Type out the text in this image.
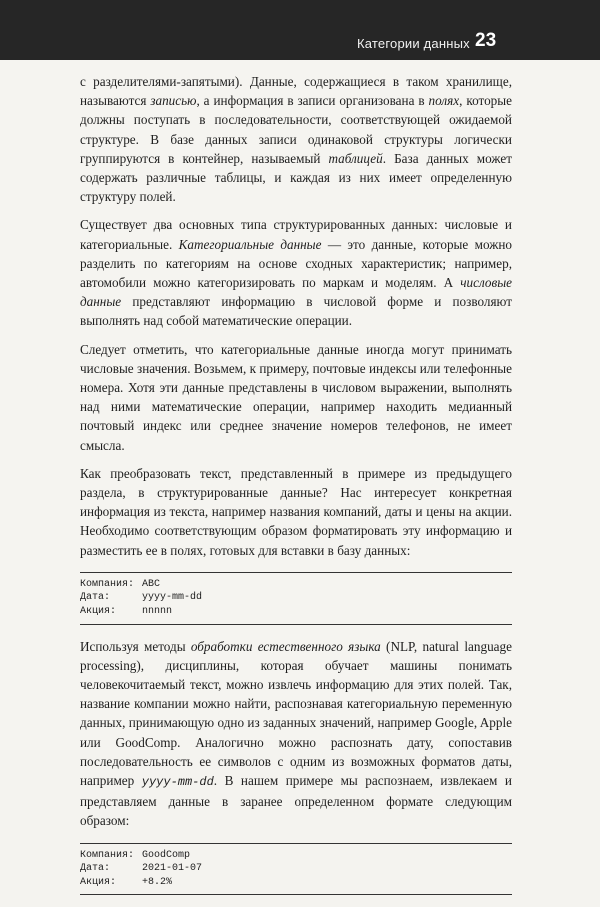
Категории данных 23

с разделителями-запятыми). Данные, содержащиеся в таком хранилище, называются записью, а информация в записи организована в полях, которые должны поступать в последовательности, соответствующей ожидаемой структуре. В базе данных записи одинаковой структуры логически группируются в контейнер, называемый таблицей. База данных может содержать различные таблицы, и каждая из них имеет определенную структуру полей.

Существует два основных типа структурированных данных: числовые и категориальные. Категориальные данные — это данные, которые можно разделить по категориям на основе сходных характеристик; например, автомобили можно категоризировать по маркам и моделям. А числовые данные представляют информацию в числовой форме и позволяют выполнять над собой математические операции.

Следует отметить, что категориальные данные иногда могут принимать числовые значения. Возьмем, к примеру, почтовые индексы или телефонные номера. Хотя эти данные представлены в числовом выражении, выполнять над ними математические операции, например находить медианный почтовый индекс или среднее значение номеров телефонов, не имеет смысла.

Как преобразовать текст, представленный в примере из предыдущего раздела, в структурированные данные? Нас интересует конкретная информация из текста, например названия компаний, даты и цены на акции. Необходимо соответствующим образом форматировать эту информацию и разместить ее в полях, готовых для вставки в базу данных:

Компания: ABC
Дата:	yyyy-mm-dd
Акция:	nnnnn

Используя методы обработки естественного языка (NLP, natural language processing), дисциплины, которая обучает машины понимать человекочитаемый текст, можно извлечь информацию для этих полей. Так, название компании можно найти, распознавая категориальную переменную данных, принимающую одно из заданных значений, например Google, Apple или GoodComp. Аналогично можно распознать дату, сопоставив последовательность ее символов с одним из возможных форматов даты, например yyyy-mm-dd. В нашем примере мы распознаем, извлекаем и представляем данные в заранее определенном формате следующим образом:

Компания: GoodComp
Дата:	2021-01-07
Акция:	+8.2%
